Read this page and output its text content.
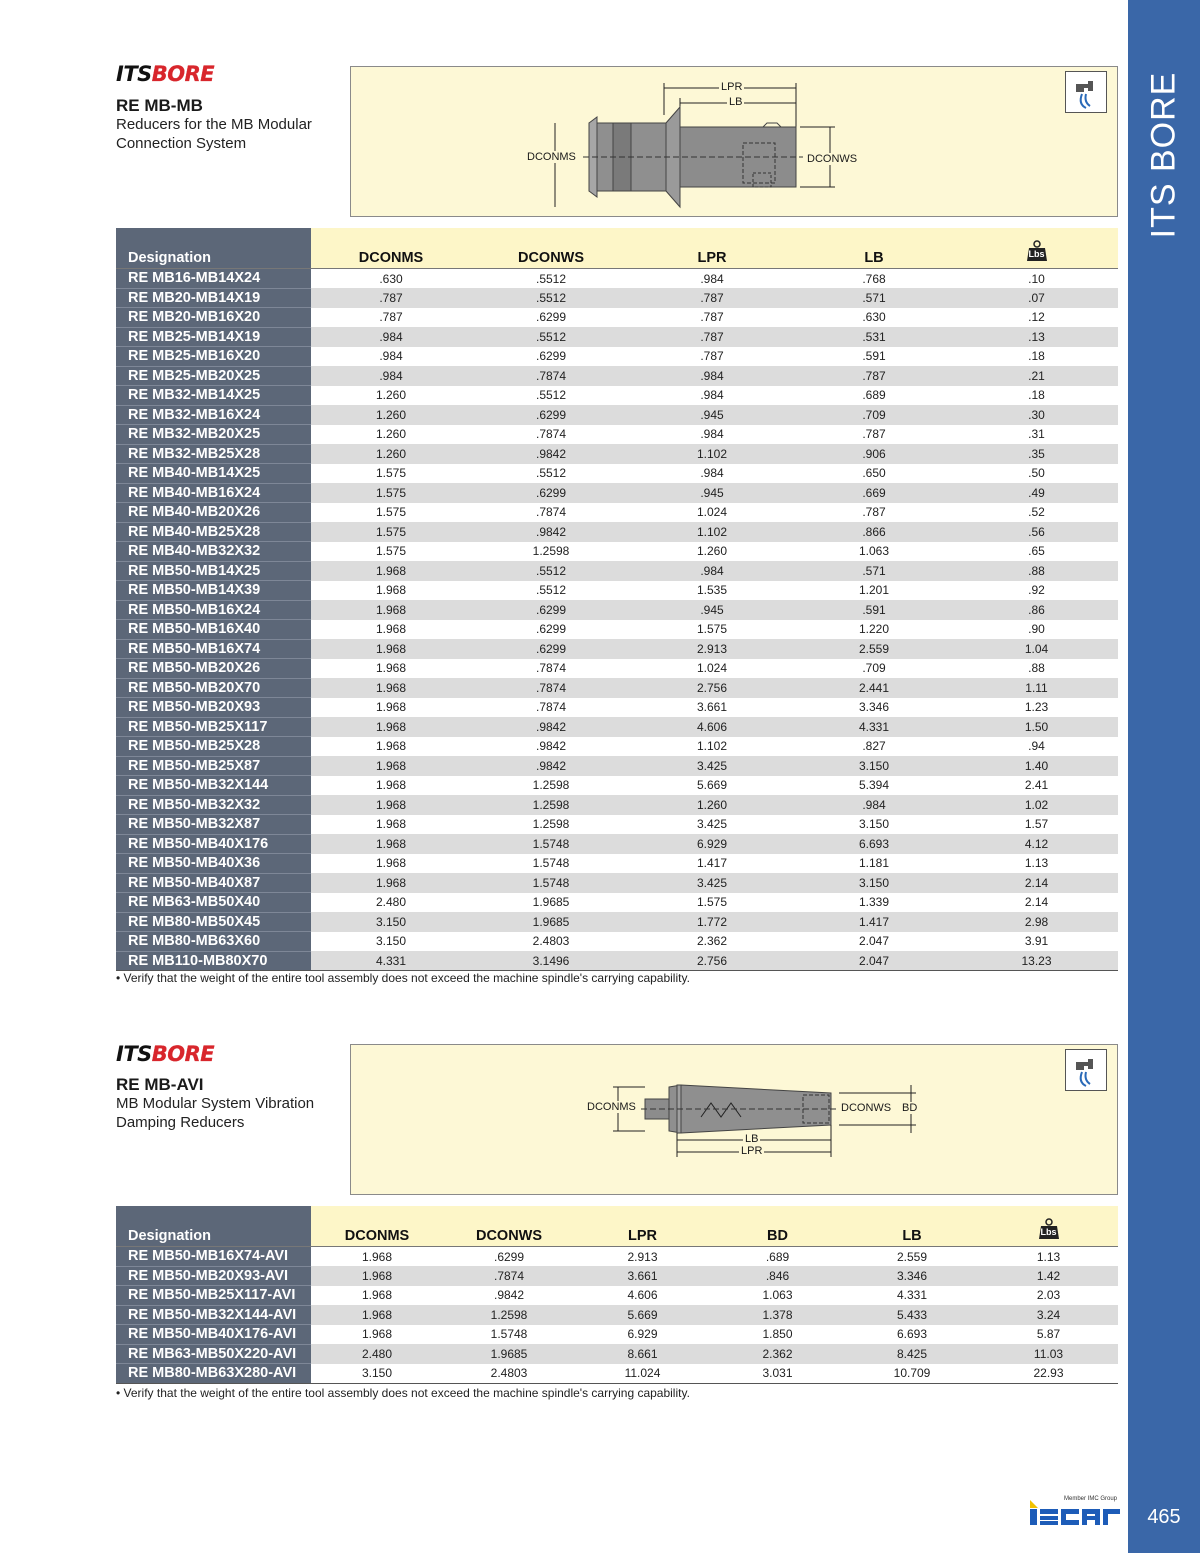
ITS BORE
465
ITSBORE
RE MB-MB
Reducers for the MB Modular Connection System
LPR
LB
DCONMS	DCONWS
Designation	DCONMS	DCONWS	LPR	LB	Lbs

RE MB16-MB14X24	.630	.5512	.984	.768	.10
RE MB20-MB14X19	.787	.5512	.787	.571	.07
RE MB20-MB16X20	.787	.6299	.787	.630	.12
RE MB25-MB14X19	.984	.5512	.787	.531	.13
RE MB25-MB16X20	.984	.6299	.787	.591	.18
RE MB25-MB20X25	.984	.7874	.984	.787	.21
RE MB32-MB14X25	1.260	.5512	.984	.689	.18
RE MB32-MB16X24	1.260	.6299	.945	.709	.30
RE MB32-MB20X25	1.260	.7874	.984	.787	.31
RE MB32-MB25X28	1.260	.9842	1.102	.906	.35
RE MB40-MB14X25	1.575	.5512	.984	.650	.50
RE MB40-MB16X24	1.575	.6299	.945	.669	.49
RE MB40-MB20X26	1.575	.7874	1.024	.787	.52
RE MB40-MB25X28	1.575	.9842	1.102	.866	.56
RE MB40-MB32X32	1.575	1.2598	1.260	1.063	.65
RE MB50-MB14X25	1.968	.5512	.984	.571	.88
RE MB50-MB14X39	1.968	.5512	1.535	1.201	.92
RE MB50-MB16X24	1.968	.6299	.945	.591	.86
RE MB50-MB16X40	1.968	.6299	1.575	1.220	.90
RE MB50-MB16X74	1.968	.6299	2.913	2.559	1.04
RE MB50-MB20X26	1.968	.7874	1.024	.709	.88
RE MB50-MB20X70	1.968	.7874	2.756	2.441	1.11
RE MB50-MB20X93	1.968	.7874	3.661	3.346	1.23
RE MB50-MB25X117	1.968	.9842	4.606	4.331	1.50
RE MB50-MB25X28	1.968	.9842	1.102	.827	.94
RE MB50-MB25X87	1.968	.9842	3.425	3.150	1.40
RE MB50-MB32X144	1.968	1.2598	5.669	5.394	2.41
RE MB50-MB32X32	1.968	1.2598	1.260	.984	1.02
RE MB50-MB32X87	1.968	1.2598	3.425	3.150	1.57
RE MB50-MB40X176	1.968	1.5748	6.929	6.693	4.12
RE MB50-MB40X36	1.968	1.5748	1.417	1.181	1.13
RE MB50-MB40X87	1.968	1.5748	3.425	3.150	2.14
RE MB63-MB50X40	2.480	1.9685	1.575	1.339	2.14
RE MB80-MB50X45	3.150	1.9685	1.772	1.417	2.98
RE MB80-MB63X60	3.150	2.4803	2.362	2.047	3.91
RE MB110-MB80X70	4.331	3.1496	2.756	2.047	13.23
• Verify that the weight of the entire tool assembly does not exceed the machine spindle's carrying capability.
ITSBORE
RE MB-AVI
MB Modular System Vibration Damping Reducers
DCONMS	DCONWS BD
LB
LPR
Designation	DCONMS	DCONWS	LPR	BD	LB	Lbs

RE MB50-MB16X74-AVI	1.968	.6299	2.913	.689	2.559	1.13
RE MB50-MB20X93-AVI	1.968	.7874	3.661	.846	3.346	1.42
RE MB50-MB25X117-AVI	1.968	.9842	4.606	1.063	4.331	2.03
RE MB50-MB32X144-AVI	1.968	1.2598	5.669	1.378	5.433	3.24
RE MB50-MB40X176-AVI	1.968	1.5748	6.929	1.850	6.693	5.87
RE MB63-MB50X220-AVI	2.480	1.9685	8.661	2.362	8.425	11.03
RE MB80-MB63X280-AVI	3.150	2.4803	11.024	3.031	10.709	22.93
• Verify that the weight of the entire tool assembly does not exceed the machine spindle's carrying capability.
Member IMC Group
